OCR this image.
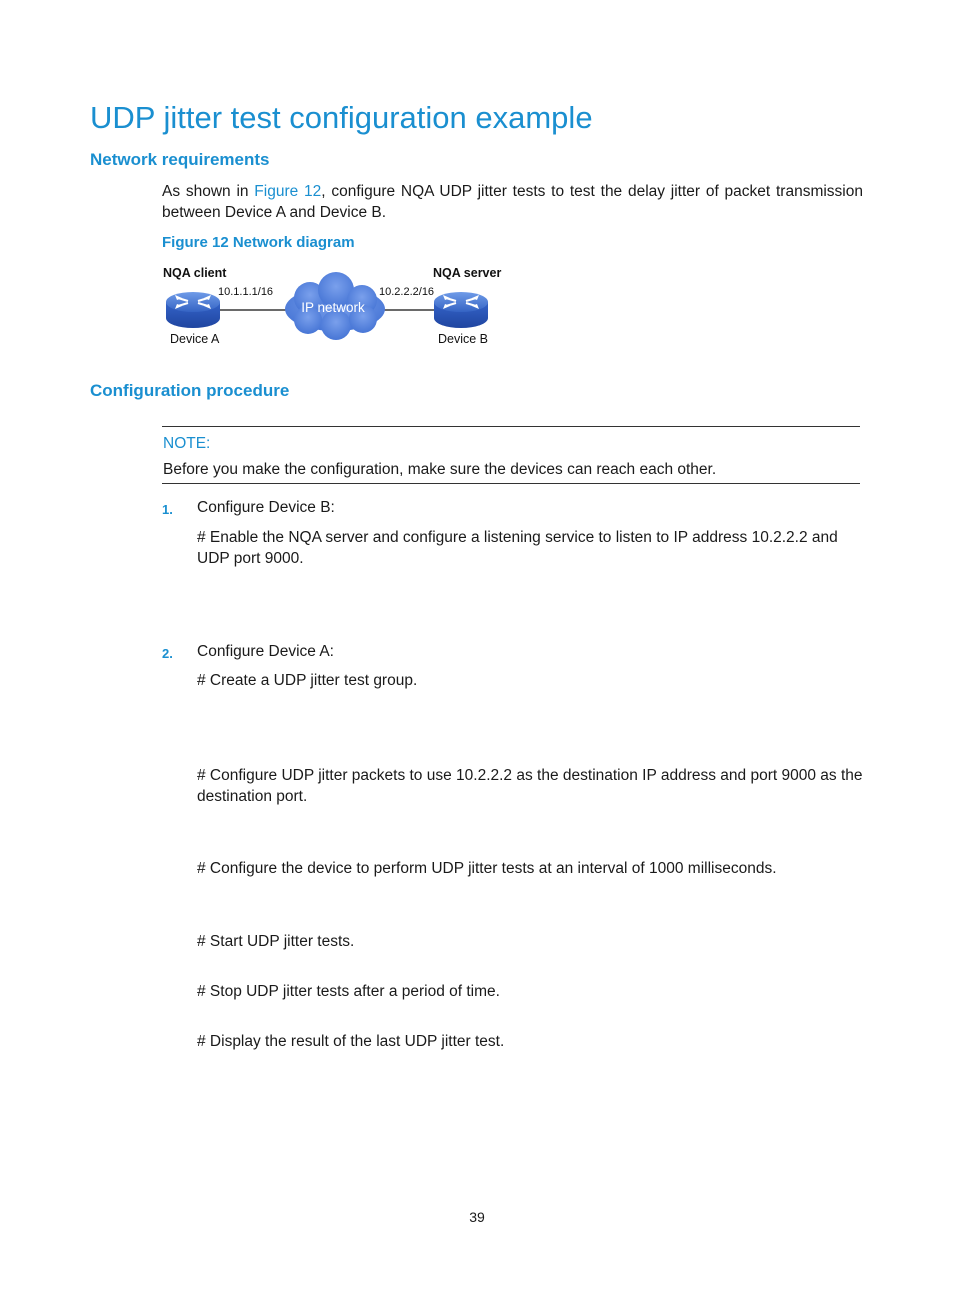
UDP jitter test configuration example
Network requirements
As shown in Figure 12, configure NQA UDP jitter tests to test the delay jitter of packet transmission between Device A and Device B.
Figure 12 Network diagram
NQA client	NQA server
10.1.1.1/16	10.2.2.2/16
IP network
Device A	Device B
Configuration procedure
NOTE:
Before you make the configuration, make sure the devices can reach each other.
1. Configure Device B:
# Enable the NQA server and configure a listening service to listen to IP address 10.2.2.2 and UDP port 9000.
2. Configure Device A:
# Create a UDP jitter test group.
# Configure UDP jitter packets to use 10.2.2.2 as the destination IP address and port 9000 as the destination port.
# Configure the device to perform UDP jitter tests at an interval of 1000 milliseconds.
# Start UDP jitter tests.
# Stop UDP jitter tests after a period of time.
# Display the result of the last UDP jitter test.
39
